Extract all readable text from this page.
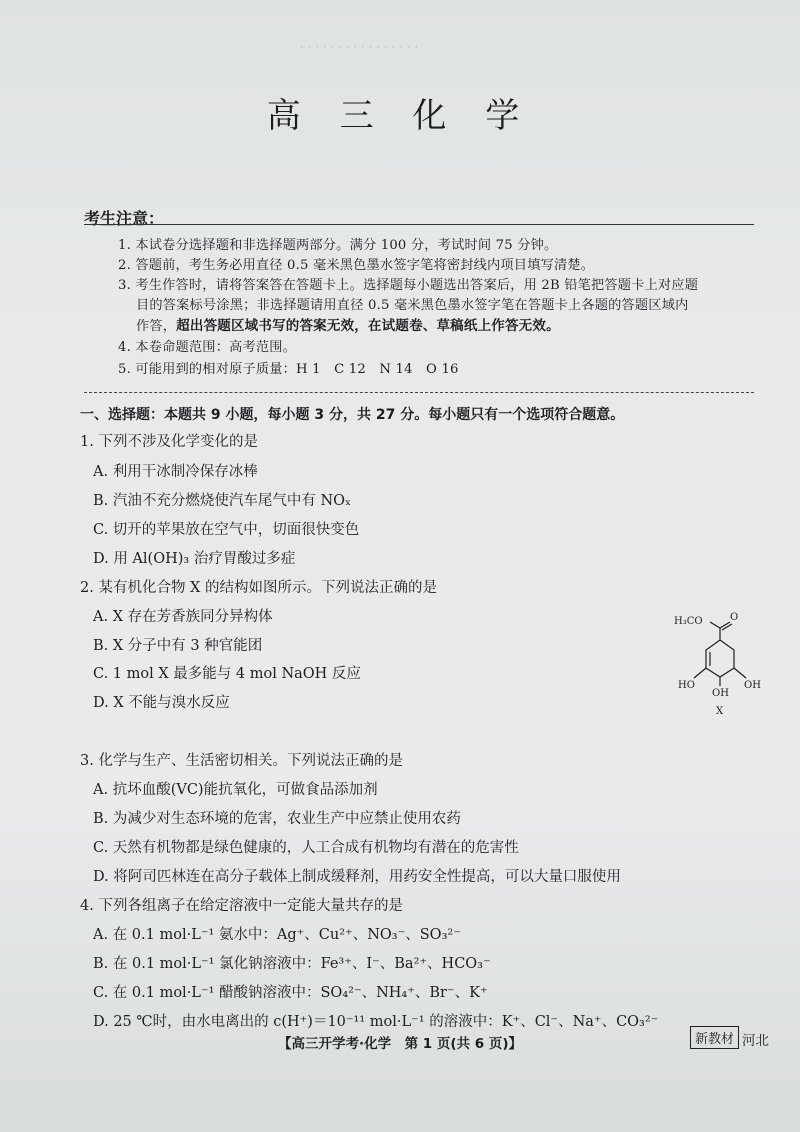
· · · · · · · · · · · · · · · ·
高 三 化 学
考生注意：
1. 本试卷分选择题和非选择题两部分。满分 100 分，考试时间 75 分钟。
2. 答题前，考生务必用直径 0.5 毫米黑色墨水签字笔将密封线内项目填写清楚。
3. 考生作答时，请将答案答在答题卡上。选择题每小题选出答案后，用 2B 铅笔把答题卡上对应题
目的答案标号涂黑；非选择题请用直径 0.5 毫米黑色墨水签字笔在答题卡上各题的答题区域内
作答，超出答题区域书写的答案无效，在试题卷、草稿纸上作答无效。
4. 本卷命题范围：高考范围。
5. 可能用到的相对原子质量：H 1　C 12　N 14　O 16
一、选择题：本题共 9 小题，每小题 3 分，共 27 分。每小题只有一个选项符合题意。
1. 下列不涉及化学变化的是
A. 利用干冰制冷保存冰棒
B. 汽油不充分燃烧使汽车尾气中有 NOₓ
C. 切开的苹果放在空气中，切面很快变色
D. 用 Al(OH)₃ 治疗胃酸过多症
2. 某有机化合物 X 的结构如图所示。下列说法正确的是
A. X 存在芳香族同分异构体
B. X 分子中有 3 种官能团
C. 1 mol X 最多能与 4 mol NaOH 反应
D. X 不能与溴水反应
H₃CO	O
HO
OH
OH
X
3. 化学与生产、生活密切相关。下列说法正确的是
A. 抗坏血酸(VC)能抗氧化，可做食品添加剂
B. 为减少对生态环境的危害，农业生产中应禁止使用农药
C. 天然有机物都是绿色健康的，人工合成有机物均有潜在的危害性
D. 将阿司匹林连在高分子载体上制成缓释剂，用药安全性提高，可以大量口服使用
4. 下列各组离子在给定溶液中一定能大量共存的是
A. 在 0.1 mol·L⁻¹ 氨水中：Ag⁺、Cu²⁺、NO₃⁻、SO₃²⁻
B. 在 0.1 mol·L⁻¹ 氯化钠溶液中：Fe³⁺、I⁻、Ba²⁺、HCO₃⁻
C. 在 0.1 mol·L⁻¹ 醋酸钠溶液中：SO₄²⁻、NH₄⁺、Br⁻、K⁺
D. 25 ℃时，由水电离出的 c(H⁺)＝10⁻¹¹ mol·L⁻¹ 的溶液中：K⁺、Cl⁻、Na⁺、CO₃²⁻
【高三开学考·化学　第 1 页(共 6 页)】	新教材 河北
